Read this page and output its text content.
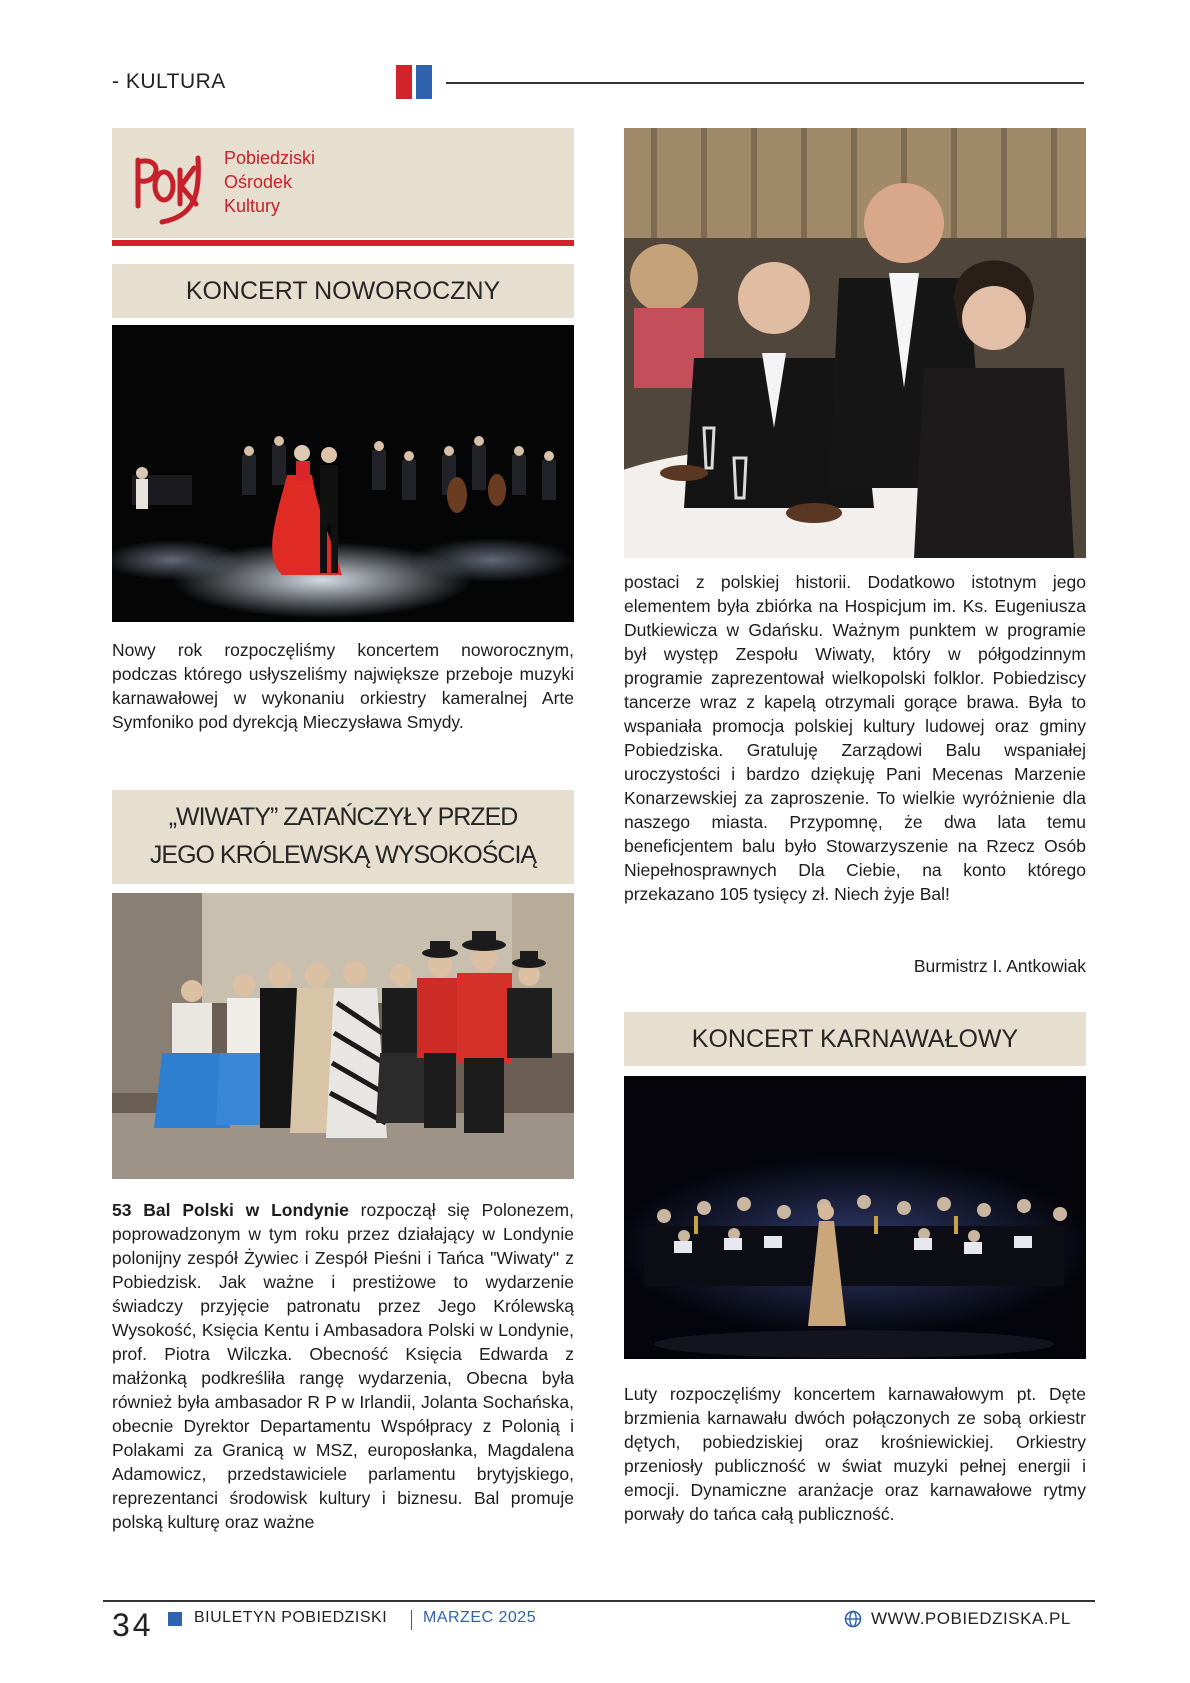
- KULTURA
Pobiedziski
Ośrodek
Kultury
KONCERT NOWOROCZNY
Nowy rok rozpoczęliśmy koncertem noworocznym, podczas którego usłyszeliśmy największe przeboje muzyki karnawałowej w wykonaniu orkiestry kameralnej Arte Symfoniko pod dyrekcją Mieczysława Smydy.
„WIWATY” ZATAŃCZYŁY PRZED
JEGO KRÓLEWSKĄ WYSOKOŚCIĄ
53 Bal Polski w Londynie rozpoczął się Polonezem, poprowadzonym w tym roku przez działający w Londynie polonijny zespół Żywiec i Zespół Pieśni i Tańca "Wiwaty" z Pobiedzisk. Jak ważne i prestiżowe to wydarzenie świadczy przyjęcie patronatu przez Jego Królewską Wysokość, Księcia Kentu i Ambasadora Polski w Londynie, prof. Piotra Wilczka. Obecność Księcia Edwarda z małżonką podkreśliła rangę wydarzenia, Obecna była również była ambasador R P w Irlandii, Jolanta Sochańska, obecnie Dyrektor Departamentu Współpracy z Polonią i Polakami za Granicą w MSZ, europosłanka, Magdalena Adamowicz, przedstawiciele parlamentu brytyjskiego, reprezentanci środowisk kultury i biznesu. Bal promuje polską kulturę oraz ważne
postaci z polskiej historii. Dodatkowo istotnym jego elementem była zbiórka na Hospicjum im. Ks. Eugeniusza Dutkiewicza w Gdańsku. Ważnym punktem w programie był występ Zespołu Wiwaty, który w półgodzinnym programie zaprezentował wielkopolski folklor. Pobiedziscy tancerze wraz z kapelą otrzymali gorące brawa. Była to wspaniała promocja polskiej kultury ludowej oraz gminy Pobiedziska. Gratuluję Zarządowi Balu wspaniałej uroczystości i bardzo dziękuję Pani Mecenas Marzenie Konarzewskiej za zaproszenie. To wielkie wyróżnienie dla naszego miasta. Przypomnę, że dwa lata temu beneficjentem balu było Stowarzyszenie na Rzecz Osób Niepełnosprawnych Dla Ciebie, na konto którego przekazano 105 tysięcy zł. Niech żyje Bal!
Burmistrz I. Antkowiak
KONCERT KARNAWAŁOWY
Luty rozpoczęliśmy koncertem karnawałowym pt. Dęte brzmienia karnawału dwóch połączonych ze sobą orkiestr dętych, pobiedziskiej oraz krośniewickiej. Orkiestry przeniosły publiczność w świat muzyki pełnej energii i emocji. Dynamiczne aranżacje oraz karnawałowe rytmy porwały do tańca całą publiczność.
34	BIULETYN POBIEDZISKI MARZEC 2025	WWW.POBIEDZISKA.PL
